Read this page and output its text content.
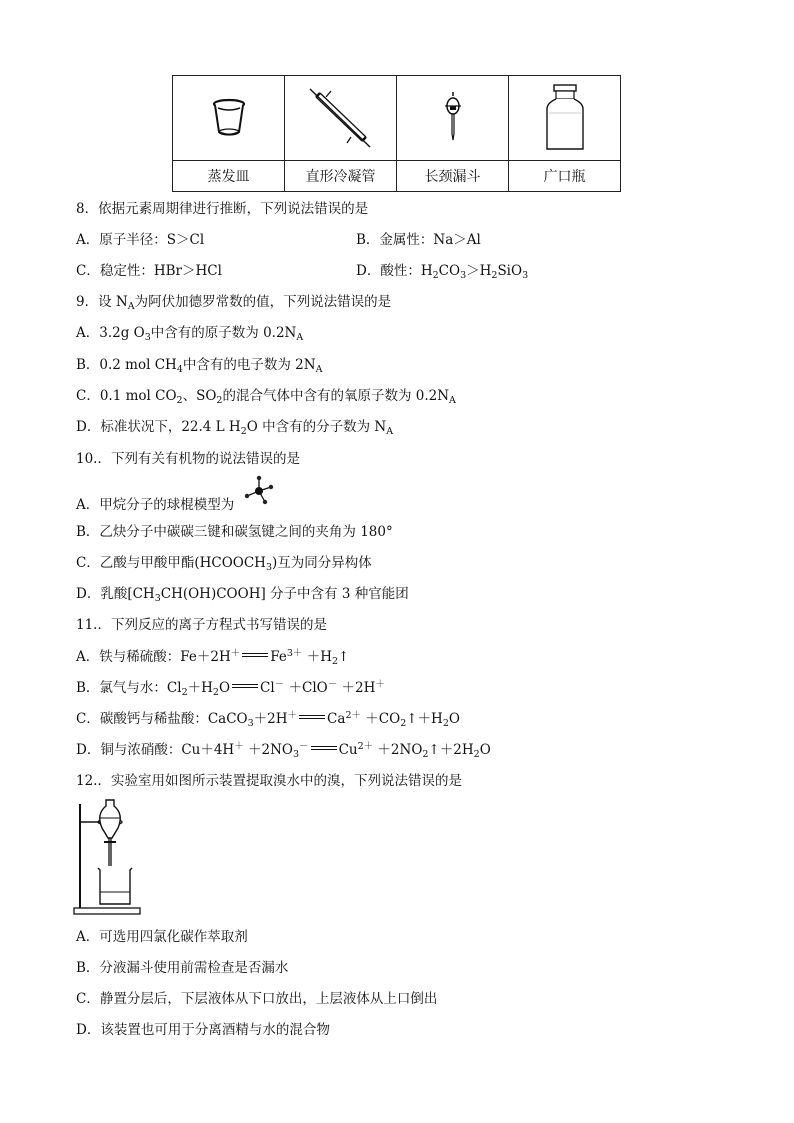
蒸发皿	直形冷凝管	长颈漏斗	广口瓶
8．依据元素周期律进行推断，下列说法错误的是
A．原子半径：S＞Cl	B．金属性：Na＞Al
C．稳定性：HBr＞HCl	D．酸性：$H_2CO_3>H_2SiO_3$
9．设 $N_A$为阿伏加德罗常数的值，下列说法错误的是
A．3.2g $O_3$中含有的原子数为 $0.2N_A$
B．0.2 mol $CH_4$中含有的电子数为 $2N_A$
C．0.1 mol $CO_2$、$SO_2$的混合气体中含有的氧原子数为 $0.2N_A$
D．标准状况下，22.4 L $H_2O$ 中含有的分子数为 $N_A$
10.．下列有关有机物的说法错误的是
A．甲烷分子的球棍模型为
B．乙炔分子中碳碳三键和碳氢键之间的夹角为 180°
C．乙酸与甲酸甲酯$(HCOOCH_3)$互为同分异构体
D．乳酸$[CH_3CH(OH)COOH]$ 分子中含有 3 种官能团
11.．下列反应的离子方程式书写错误的是
A．铁与稀硫酸：Fe＋2H＋ $Fe^{3+}$ $+H_2↑$
B．氯气与水：$Cl_2+H_2O$ Cl－ ＋ClO－ ＋2H＋
C．碳酸钙与稀盐酸：CaCO$_3$＋2H＋ $Ca^{2+}$ $+CO_2↑+H_2O$
D．铜与浓硝酸：$Cu+4H^+ +2NO_3^-$ $Cu^{2+}$ $+2NO_2↑+2H_2O$
12.．实验室用如图所示装置提取溴水中的溴，下列说法错误的是
A．可选用四氯化碳作萃取剂
B．分液漏斗使用前需检查是否漏水
C．静置分层后，下层液体从下口放出，上层液体从上口倒出
D．该装置也可用于分离酒精与水的混合物
